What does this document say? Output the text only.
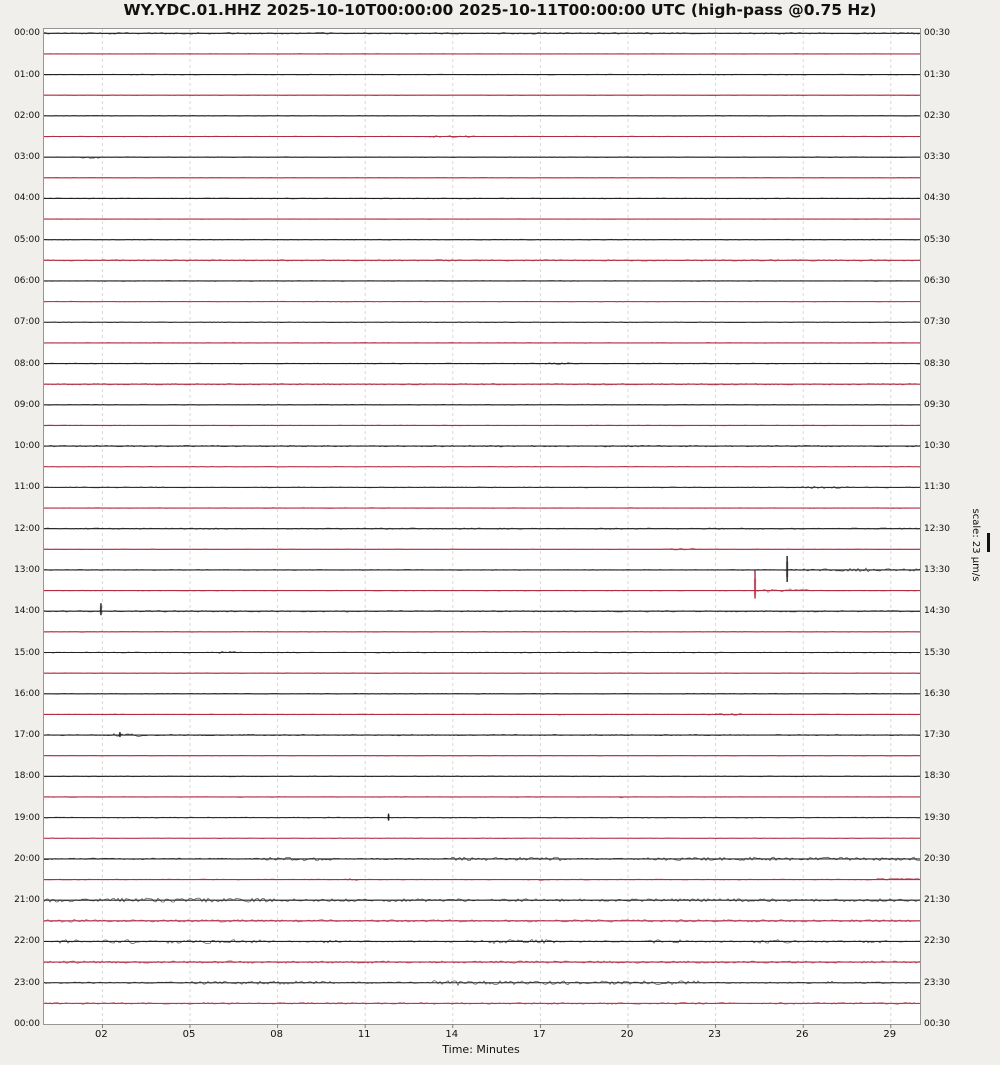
WY.YDC.01.HHZ 2025-10-10T00:00:00 2025-10-11T00:00:00 UTC (high-pass @0.75 Hz)
00:00
01:00
02:00
03:00
04:00
05:00
06:00
07:00
08:00
09:00
10:00
11:00
12:00
13:00
14:00
15:00
16:00
17:00
18:00
19:00
20:00
21:00
22:00
23:00
00:00
00:30
01:30
02:30
03:30
04:30
05:30
06:30
07:30
08:30
09:30
10:30
11:30
12:30
13:30
14:30
15:30
16:30
17:30
18:30
19:30
20:30
21:30
22:30
23:30
00:30
02	05	08	11	14	17	20	23	26	29
Time: Minutes
scale: 23 µm/s
